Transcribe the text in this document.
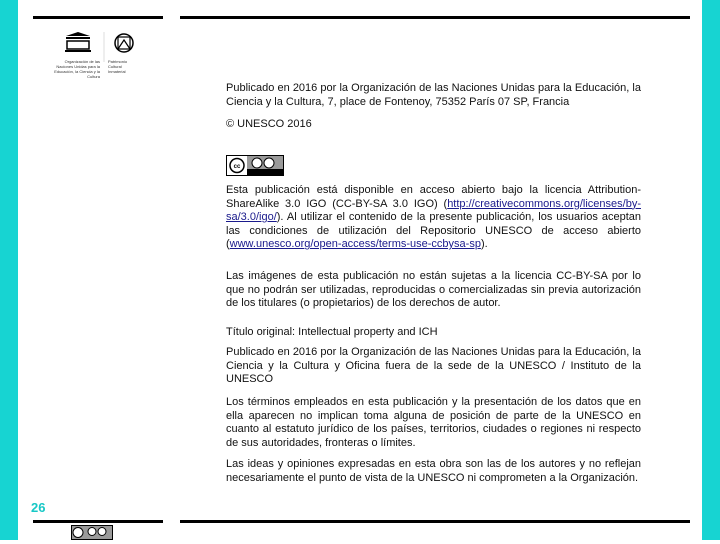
Organización de las Naciones Unidas para la Educación, la Ciencia y la Cultura
Patrimonio Cultural Inmaterial
Publicado en 2016 por la Organización de las Naciones Unidas para la Educación, la Ciencia y la Cultura, 7, place de Fontenoy, 75352 París 07 SP, Francia
© UNESCO 2016
cc
Esta publicación está disponible en acceso abierto bajo la licencia Attribution-ShareAlike 3.0 IGO (CC-BY-SA 3.0 IGO) (http://creativecommons.org/licenses/by-sa/3.0/igo/). Al utilizar el contenido de la presente publicación, los usuarios aceptan las condiciones de utilización del Repositorio UNESCO de acceso abierto (www.unesco.org/open-access/terms-use-ccbysa-sp).
Las imágenes de esta publicación no están sujetas a la licencia CC-BY-SA por lo que no podrán ser utilizadas, reproducidas o comercializadas sin previa autorización de los titulares (o propietarios) de los derechos de autor.
Título original: Intellectual property and ICH
Publicado en 2016 por la Organización de las Naciones Unidas para la Educación, la Ciencia y la Cultura y Oficina fuera de la sede de la UNESCO / Instituto de la UNESCO
Los términos empleados en esta publicación y la presentación de los datos que en ella aparecen no implican toma alguna de posición de parte de la UNESCO en cuanto al estatuto jurídico de los países, territorios, ciudades o regiones ni respecto de sus autoridades, fronteras o límites.
Las ideas y opiniones expresadas en esta obra son las de los autores y no reflejan necesariamente el punto de vista de la UNESCO ni comprometen a la Organización.
26
